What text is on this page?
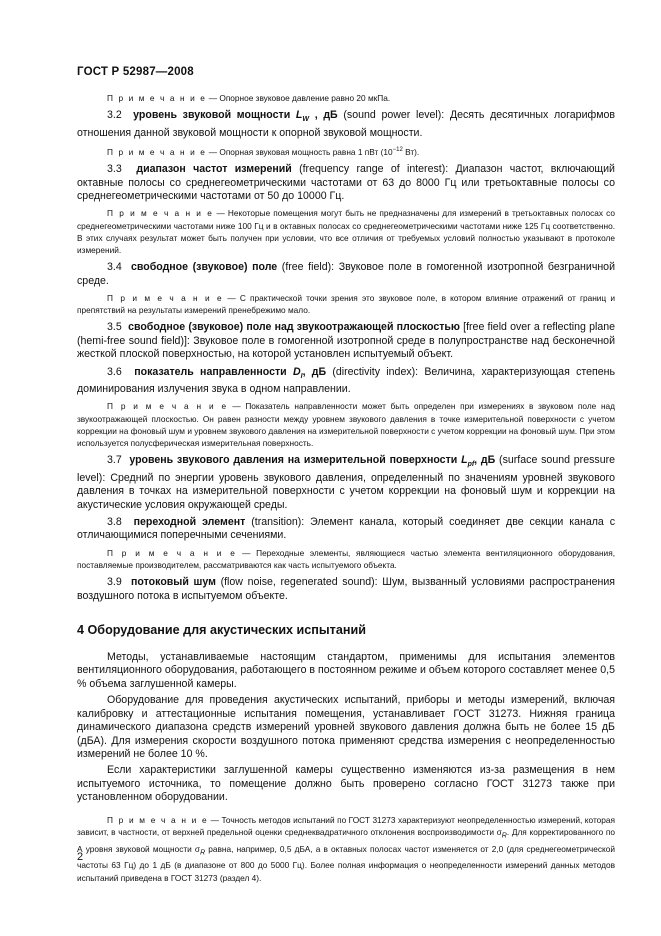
ГОСТ Р 52987—2008

П р и м е ч а н и е — Опорное звуковое давление равно 20 мкПа.

3.2 уровень звуковой мощности $L_W$ , дБ (sound power level): Десять десятичных логарифмов отношения данной звуковой мощности к опорной звуковой мощности.

П р и м е ч а н и е — Опорная звуковая мощность равна 1 пВт ($10^{-12}$ Вт).

3.3 диапазон частот измерений (frequency range of interest): Диапазон частот, включающий октавные полосы со среднегеометрическими частотами от 63 до 8000 Гц или третьоктавные полосы со среднегеометрическими частотами от 50 до 10000 Гц.

П р и м е ч а н и е — Некоторые помещения могут быть не предназначены для измерений в третьоктавных полосах со среднегеометрическими частотами ниже 100 Гц и в октавных полосах со среднегеометрическими частотами ниже 125 Гц соответственно. В этих случаях результат может быть получен при условии, что все отличия от требуемых условий полностью указывают в протоколе измерений.

3.4 свободное (звуковое) поле (free field): Звуковое поле в гомогенной изотропной безграничной среде.

П р и м е ч а н и е — С практической точки зрения это звуковое поле, в котором влияние отражений от границ и препятствий на результаты измерений пренебрежимо мало.

3.5 свободное (звуковое) поле над звукоотражающей плоскостью [free field over a reflecting plane (hemi-free sound field)]: Звуковое поле в гомогенной изотропной среде в полупространстве над бесконечной жесткой плоской поверхностью, на которой установлен испытуемый объект.

3.6 показатель направленности $D_I$, дБ (directivity index): Величина, характеризующая степень доминирования излучения звука в одном направлении.

П р и м е ч а н и е — Показатель направленности может быть определен при измерениях в звуковом поле над звукоотражающей плоскостью. Он равен разности между уровнем звукового давления в точке измерительной поверхности с учетом коррекции на фоновый шум и уровнем звукового давления на измерительной поверхности с учетом коррекции на фоновый шум. При этом используется полусферическая измерительная поверхность.

3.7 уровень звукового давления на измерительной поверхности $L_{pf}$, дБ (surface sound pressure level): Средний по энергии уровень звукового давления, определенный по значениям уровней звукового давления в точках на измерительной поверхности с учетом коррекции на фоновый шум и коррекции на акустические условия окружающей среды.

3.8 переходной элемент (transition): Элемент канала, который соединяет две секции канала с отличающимися поперечными сечениями.

П р и м е ч а н и е — Переходные элементы, являющиеся частью элемента вентиляционного оборудования, поставляемые производителем, рассматриваются как часть испытуемого объекта.

3.9 потоковый шум (flow noise, regenerated sound): Шум, вызванный условиями распространения воздушного потока в испытуемом объекте.

4 Оборудование для акустических испытаний

Методы, устанавливаемые настоящим стандартом, применимы для испытания элементов вентиляционного оборудования, работающего в постоянном режиме и объем которого составляет менее 0,5 % объема заглушенной камеры.

Оборудование для проведения акустических испытаний, приборы и методы измерений, включая калибровку и аттестационные испытания помещения, устанавливает ГОСТ 31273. Нижняя граница динамического диапазона средств измерений уровней звукового давления должна быть не более 15 дБ (дБА). Для измерения скорости воздушного потока применяют средства измерения с неопределенностью измерений не более 10 %.

Если характеристики заглушенной камеры существенно изменяются из-за размещения в нем испытуемого источника, то помещение должно быть проверено согласно ГОСТ 31273 также при установленном оборудовании.

П р и м е ч а н и е — Точность методов испытаний по ГОСТ 31273 характеризуют неопределенностью измерений, которая зависит, в частности, от верхней предельной оценки среднеквадратичного отклонения воспроизводимости $\sigma_R$. Для корректированного по А уровня звуковой мощности $\sigma_R$ равна, например, 0,5 дБА, а в октавных полосах частот изменяется от 2,0 (для среднегеометрической частоты 63 Гц) до 1 дБ (в диапазоне от 800 до 5000 Гц). Более полная информация о неопределенности измерений данных методов испытаний приведена в ГОСТ 31273 (раздел 4).

2
